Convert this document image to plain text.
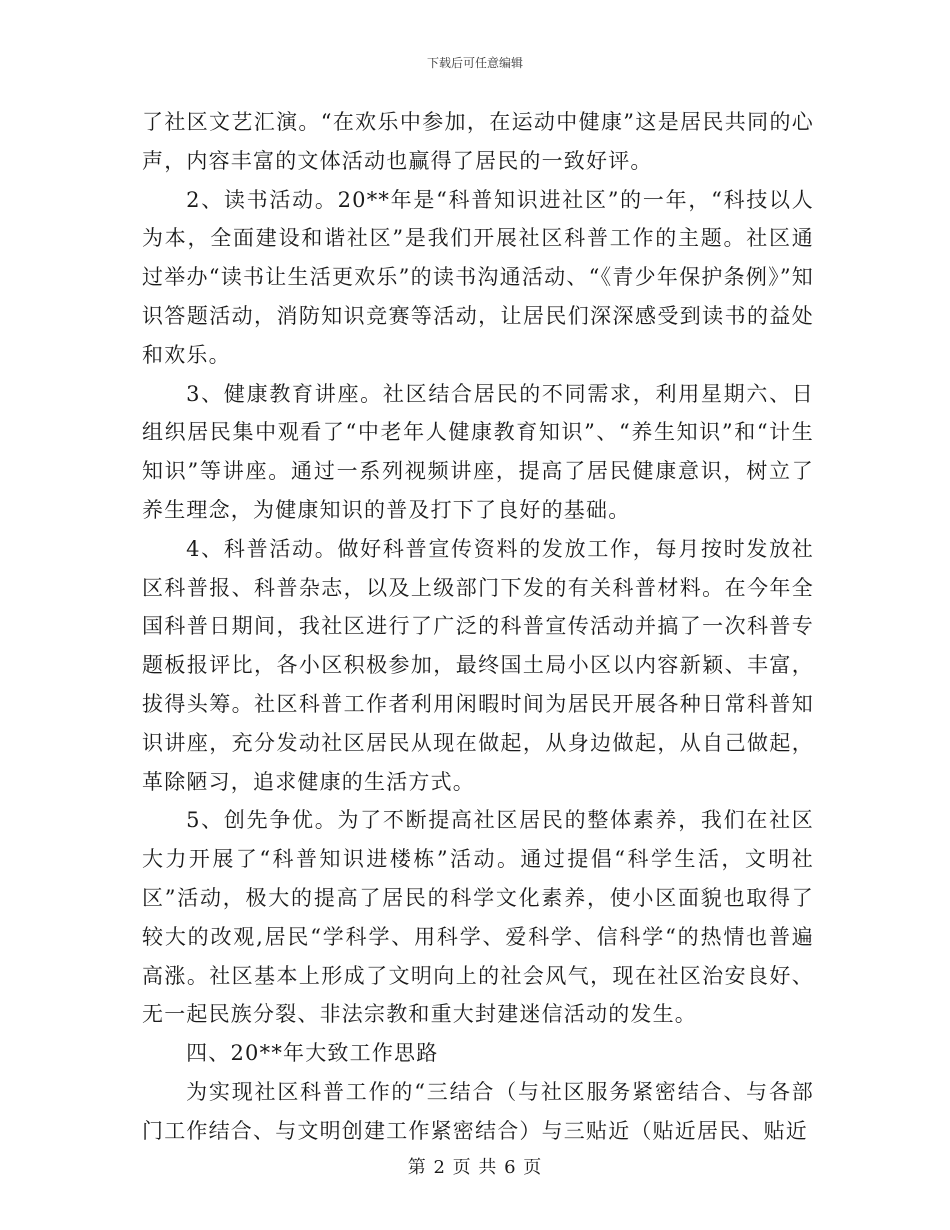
下载后可任意编辑

了社区文艺汇演。“在欢乐中参加，在运动中健康”这是居民共同的心声，内容丰富的文体活动也赢得了居民的一致好评。

2、读书活动。20**年是“科普知识进社区”的一年，“科技以人为本，全面建设和谐社区”是我们开展社区科普工作的主题。社区通过举办“读书让生活更欢乐”的读书沟通活动、“《青少年保护条例》”知识答题活动，消防知识竞赛等活动，让居民们深深感受到读书的益处和欢乐。

3、健康教育讲座。社区结合居民的不同需求，利用星期六、日组织居民集中观看了“中老年人健康教育知识”、“养生知识”和“计生知识”等讲座。通过一系列视频讲座，提高了居民健康意识，树立了养生理念，为健康知识的普及打下了良好的基础。

4、科普活动。做好科普宣传资料的发放工作，每月按时发放社区科普报、科普杂志，以及上级部门下发的有关科普材料。在今年全国科普日期间，我社区进行了广泛的科普宣传活动并搞了一次科普专题板报评比，各小区积极参加，最终国土局小区以内容新颖、丰富，拔得头筹。社区科普工作者利用闲暇时间为居民开展各种日常科普知识讲座，充分发动社区居民从现在做起，从身边做起，从自己做起，革除陋习，追求健康的生活方式。

5、创先争优。为了不断提高社区居民的整体素养，我们在社区大力开展了“科普知识进楼栋”活动。通过提倡“科学生活，文明社区”活动，极大的提高了居民的科学文化素养，使小区面貌也取得了较大的改观,居民“学科学、用科学、爱科学、信科学“的热情也普遍高涨。社区基本上形成了文明向上的社会风气，现在社区治安良好、无一起民族分裂、非法宗教和重大封建迷信活动的发生。

四、20**年大致工作思路

为实现社区科普工作的“三结合（与社区服务紧密结合、与各部门工作结合、与文明创建工作紧密结合）与三贴近（贴近居民、贴近

第 2 页 共 6 页
